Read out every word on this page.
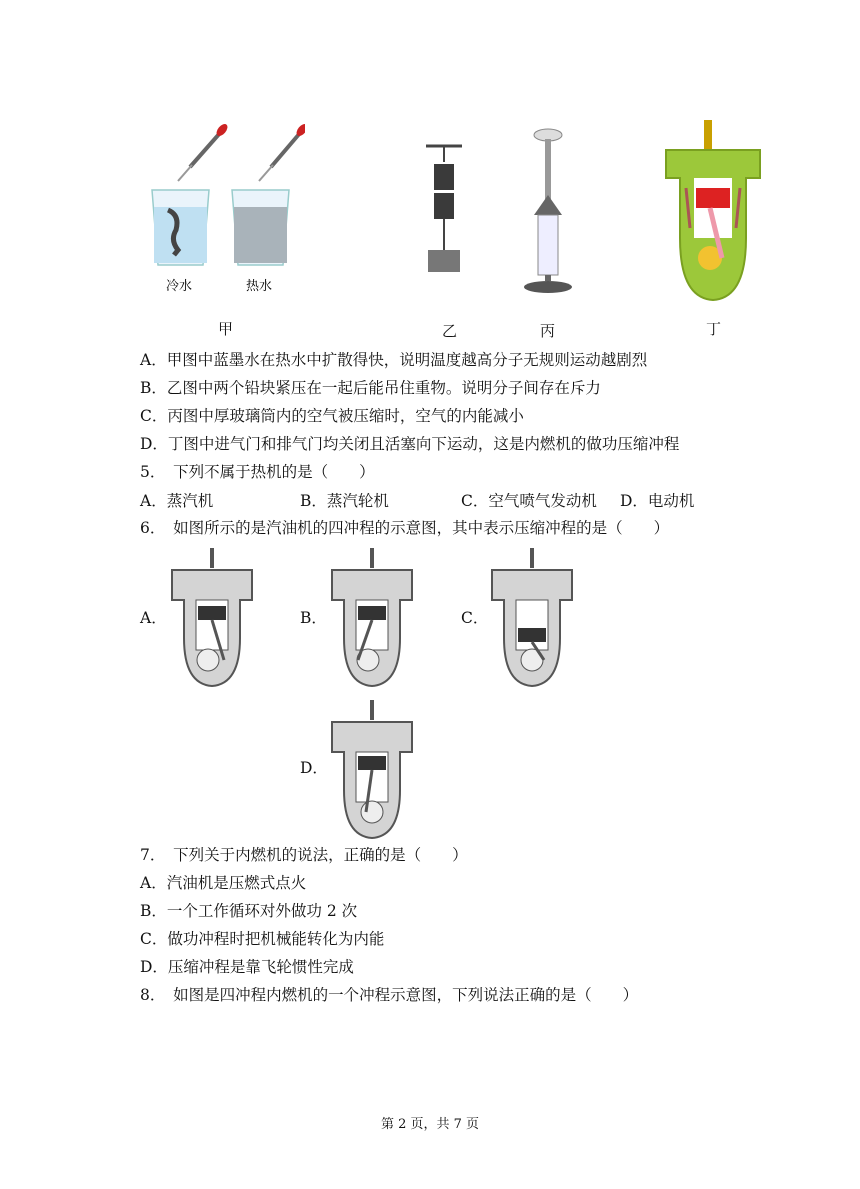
冷水	热水
甲	乙	丙	丁
A．甲图中蓝墨水在热水中扩散得快，说明温度越高分子无规则运动越剧烈
B．乙图中两个铅块紧压在一起后能吊住重物。说明分子间存在斥力
C．丙图中厚玻璃筒内的空气被压缩时，空气的内能减小
D．丁图中进气门和排气门均关闭且活塞向下运动，这是内燃机的做功压缩冲程
5．　下列不属于热机的是（　　）
A．蒸汽机	B．蒸汽轮机	C．空气喷气发动机 D．电动机
6．　如图所示的是汽油机的四冲程的示意图，其中表示压缩冲程的是（　　）
A．	B．	C．
D．
7．　下列关于内燃机的说法，正确的是（　　）
A．汽油机是压燃式点火
B．一个工作循环对外做功 2 次
C．做功冲程时把机械能转化为内能
D．压缩冲程是靠飞轮惯性完成
8．　如图是四冲程内燃机的一个冲程示意图，下列说法正确的是（　　）
第 2 页，共 7 页
